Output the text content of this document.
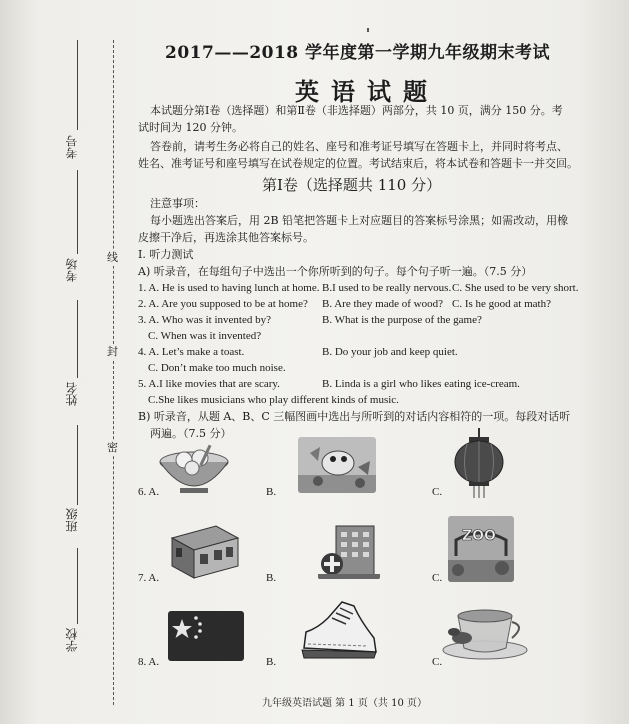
线
封
密
考号
考场
姓名
班级
学校
2017——2018 学年度第一学期九年级期末考试
英语试题
本试题分第Ⅰ卷（选择题）和第Ⅱ卷（非选择题）两部分，共 10 页，满分 150 分。考
试时间为 120 分钟。
答卷前，请考生务必将自己的姓名、座号和准考证号填写在答题卡上，并同时将考点、
姓名、准考证号和座号填写在试卷规定的位置。考试结束后，将本试卷和答题卡一并交回。
第Ⅰ卷（选择题共 110 分）
注意事项：
每小题选出答案后，用 2B 铅笔把答题卡上对应题目的答案标号涂黑；如需改动，用橡
皮擦干净后，再选涂其他答案标号。
Ⅰ. 听力测试
A) 听录音，在每组句子中选出一个你所听到的句子。每个句子听一遍。（7.5 分）
1. A. He is used to having lunch at home. B.I used to be really nervous. C. She used to be very short.
2. A. Are you supposed to be at home? B. Are they made of wood? C. Is he good at math?
3. A. Who was it invented by?	B. What is the purpose of the game?
C. When was it invented?
4. A. Let’s make a toast.	B. Do your job and keep quiet.
C. Don’t make too much noise.
5. A.I like movies that are scary.	B. Linda is a girl who likes eating ice-cream.
C.She likes musicians who play different kinds of music.
B) 听录音，从题 A、B、C 三幅图画中选出与所听到的对话内容相符的一项。每段对话听
两遍。（7.5 分）
6. A.	B.	C.
7. A.	B.	C.
ZOO
8. A.	B.	C.
九年级英语试题 第 1 页（共 10 页）
